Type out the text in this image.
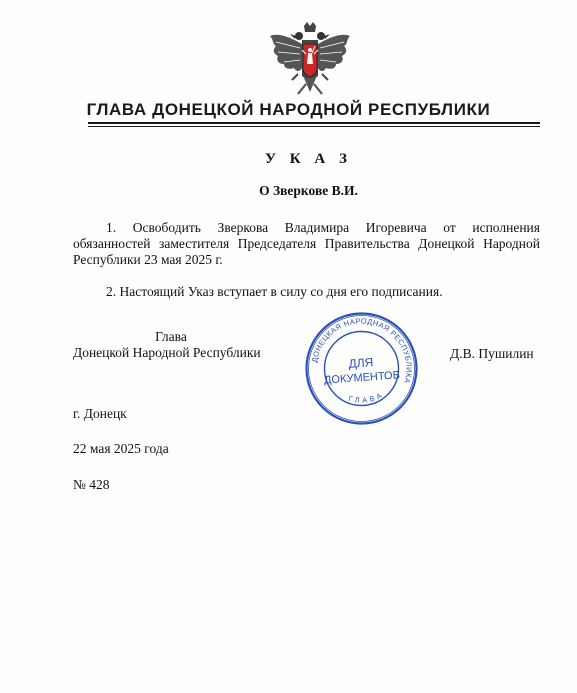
ГЛАВА ДОНЕЦКОЙ НАРОДНОЙ РЕСПУБЛИКИ
У К А З
О Зверкове В.И.
1. Освободить Зверкова Владимира Игоревича от исполнения обязанностей заместителя Председателя Правительства Донецкой Народной Республики 23 мая 2025 г.
2. Настоящий Указ вступает в силу со дня его подписания.
Глава

Донецкой Народной Республики	ДОНЕЦКАЯ НАРОДНАЯ РЕСПУБЛИКА
ГЛАВА
ДЛЯ
ДОКУМЕНТОВ
Д.В. Пушилин
г. Донецк
22 мая 2025 года
№ 428
